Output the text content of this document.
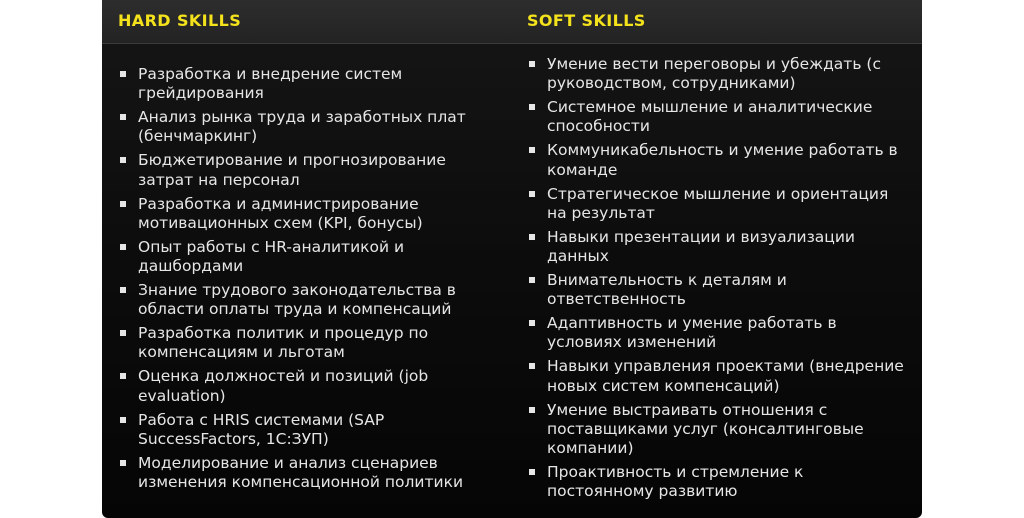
HARD SKILLS	SOFT SKILLS
Разработка и внедрение систем грейдирования
Анализ рынка труда и заработных плат (бенчмаркинг)
Бюджетирование и прогнозирование затрат на персонал
Разработка и администрирование мотивационных схем (KPI, бонусы)
Опыт работы с HR-аналитикой и дашбордами
Знание трудового законодательства в области оплаты труда и компенсаций
Разработка политик и процедур по компенсациям и льготам
Оценка должностей и позиций (job evaluation)
Работа с HRIS системами (SAP SuccessFactors, 1С:ЗУП)
Моделирование и анализ сценариев изменения компенсационной политики
Умение вести переговоры и убеждать (с руководством, сотрудниками)
Системное мышление и аналитические способности
Коммуникабельность и умение работать в команде
Стратегическое мышление и ориентация на результат
Навыки презентации и визуализации данных
Внимательность к деталям и ответственность
Адаптивность и умение работать в условиях изменений
Навыки управления проектами (внедрение новых систем компенсаций)
Умение выстраивать отношения с поставщиками услуг (консалтинговые компании)
Проактивность и стремление к постоянному развитию
